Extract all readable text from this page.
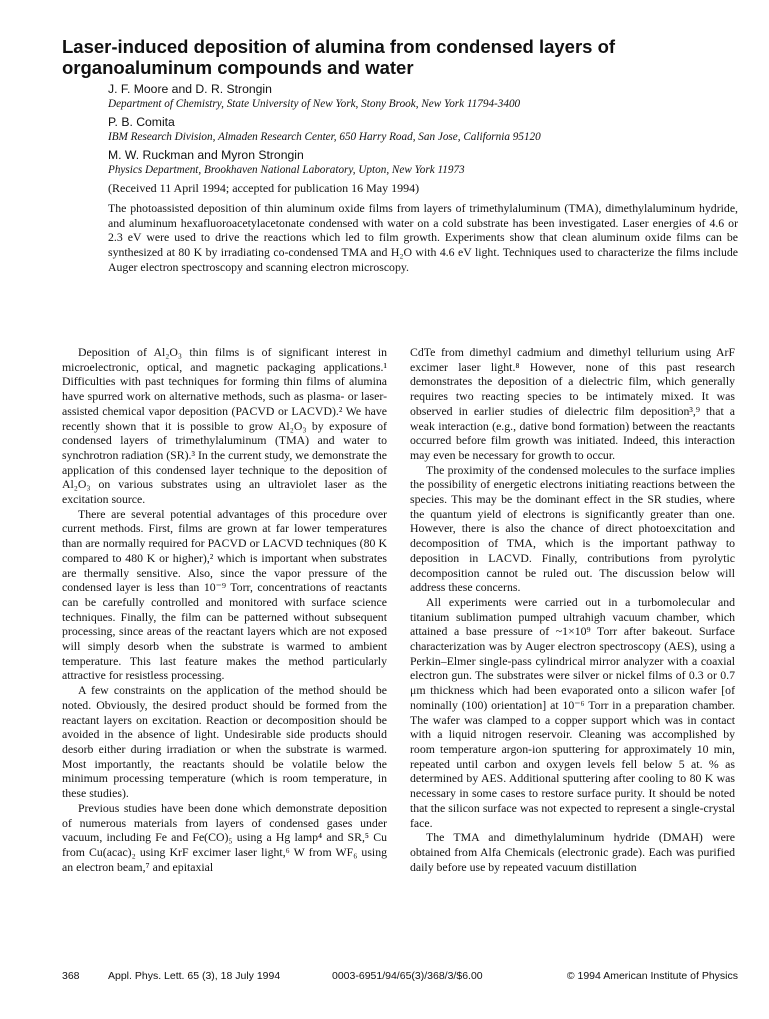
Laser-induced deposition of alumina from condensed layers of organoaluminum compounds and water
J. F. Moore and D. R. Strongin
Department of Chemistry, State University of New York, Stony Brook, New York 11794-3400
P. B. Comita
IBM Research Division, Almaden Research Center, 650 Harry Road, San Jose, California 95120
M. W. Ruckman and Myron Strongin
Physics Department, Brookhaven National Laboratory, Upton, New York 11973
(Received 11 April 1994; accepted for publication 16 May 1994)
The photoassisted deposition of thin aluminum oxide films from layers of trimethylaluminum (TMA), dimethylaluminum hydride, and aluminum hexafluoroacetylacetonate condensed with water on a cold substrate has been investigated. Laser energies of 4.6 or 2.3 eV were used to drive the reactions which led to film growth. Experiments show that clean aluminum oxide films can be synthesized at 80 K by irradiating co-condensed TMA and H₂O with 4.6 eV light. Techniques used to characterize the films include Auger electron spectroscopy and scanning electron microscopy.

Deposition of Al₂O₃ thin films is of significant interest in microelectronic, optical, and magnetic packaging applications.¹ Difficulties with past techniques for forming thin films of alumina have spurred work on alternative methods, such as plasma- or laser-assisted chemical vapor deposition (PACVD or LACVD).² We have recently shown that it is possible to grow Al₂O₃ by exposure of condensed layers of trimethylaluminum (TMA) and water to synchrotron radiation (SR).³ In the current study, we demonstrate the application of this condensed layer technique to the deposition of Al₂O₃ on various substrates using an ultraviolet laser as the excitation source.

There are several potential advantages of this procedure over current methods. First, films are grown at far lower temperatures than are normally required for PACVD or LACVD techniques (80 K compared to 480 K or higher),² which is important when substrates are thermally sensitive. Also, since the vapor pressure of the condensed layer is less than 10⁻⁹ Torr, concentrations of reactants can be carefully controlled and monitored with surface science techniques. Finally, the film can be patterned without subsequent processing, since areas of the reactant layers which are not exposed will simply desorb when the substrate is warmed to ambient temperature. This last feature makes the method particularly attractive for resistless processing.

A few constraints on the application of the method should be noted. Obviously, the desired product should be formed from the reactant layers on excitation. Reaction or decomposition should be avoided in the absence of light. Undesirable side products should desorb either during irradiation or when the substrate is warmed. Most importantly, the reactants should be volatile below the minimum processing temperature (which is room temperature, in these studies).

Previous studies have been done which demonstrate deposition of numerous materials from layers of condensed gases under vacuum, including Fe and Fe(CO)₅ using a Hg lamp⁴ and SR,⁵ Cu from Cu(acac)₂ using KrF excimer laser light,⁶ W from WF₆ using an electron beam,⁷ and epitaxial

CdTe from dimethyl cadmium and dimethyl tellurium using ArF excimer laser light.⁸ However, none of this past research demonstrates the deposition of a dielectric film, which generally requires two reacting species to be intimately mixed. It was observed in earlier studies of dielectric film deposition³,⁹ that a weak interaction (e.g., dative bond formation) between the reactants occurred before film growth was initiated. Indeed, this interaction may even be necessary for growth to occur.

The proximity of the condensed molecules to the surface implies the possibility of energetic electrons initiating reactions between the species. This may be the dominant effect in the SR studies, where the quantum yield of electrons is significantly greater than one. However, there is also the chance of direct photoexcitation and decomposition of TMA, which is the important pathway to deposition in LACVD. Finally, contributions from pyrolytic decomposition cannot be ruled out. The discussion below will address these concerns.

All experiments were carried out in a turbomolecular and titanium sublimation pumped ultrahigh vacuum chamber, which attained a base pressure of ~1×10⁹ Torr after bakeout. Surface characterization was by Auger electron spectroscopy (AES), using a Perkin–Elmer single-pass cylindrical mirror analyzer with a coaxial electron gun. The substrates were silver or nickel films of 0.3 or 0.7 μm thickness which had been evaporated onto a silicon wafer [of nominally (100) orientation] at 10⁻⁶ Torr in a preparation chamber. The wafer was clamped to a copper support which was in contact with a liquid nitrogen reservoir. Cleaning was accomplished by room temperature argon-ion sputtering for approximately 10 min, repeated until carbon and oxygen levels fell below 5 at. % as determined by AES. Additional sputtering after cooling to 80 K was necessary in some cases to restore surface purity. It should be noted that the silicon surface was not expected to represent a single-crystal face.

The TMA and dimethylaluminum hydride (DMAH) were obtained from Alfa Chemicals (electronic grade). Each was purified daily before use by repeated vacuum distillation

368	Appl. Phys. Lett. 65 (3), 18 July 1994	0003-6951/94/65(3)/368/3/$6.00	© 1994 American Institute of Physics
